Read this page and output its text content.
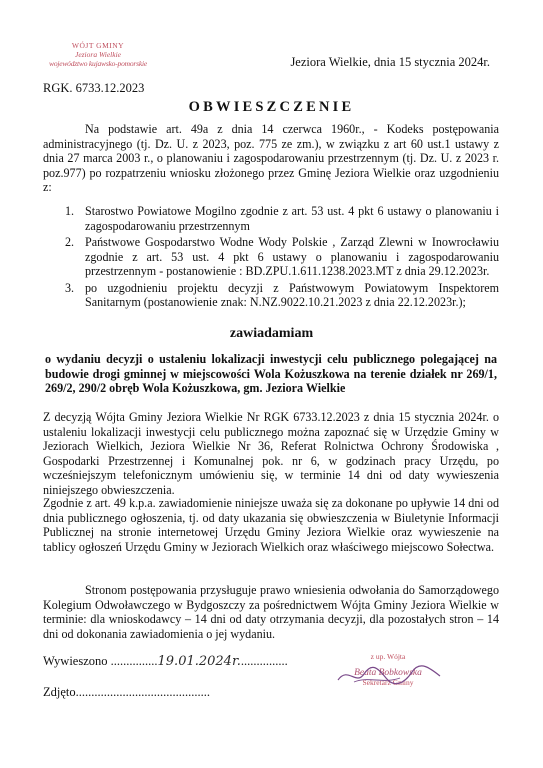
WÓJT GMINY
Jeziora Wielkie
województwo kujawsko-pomorskie	Jeziora Wielkie, dnia 15 stycznia 2024r.
RGK. 6733.12.2023
OBWIESZCZENIE
Na podstawie art. 49a z dnia 14 czerwca 1960r., - Kodeks postępowania administracyjnego (tj. Dz. U. z 2023, poz. 775 ze zm.), w związku z art 60 ust.1 ustawy z dnia 27 marca 2003 r., o planowaniu i zagospodarowaniu przestrzennym (tj. Dz. U. z 2023 r. poz.977) po rozpatrzeniu wniosku złożonego przez Gminę Jeziora Wielkie oraz uzgodnieniu z:
1. Starostwo Powiatowe Mogilno zgodnie z art. 53 ust. 4 pkt 6 ustawy o planowaniu i zagospodarowaniu przestrzennym
2. Państwowe Gospodarstwo Wodne Wody Polskie , Zarząd Zlewni w Inowrocławiu zgodnie z art. 53 ust. 4 pkt 6 ustawy o planowaniu i zagospodarowaniu przestrzennym - postanowienie : BD.ZPU.1.611.1238.2023.MT z dnia 29.12.2023r.
3. po uzgodnieniu projektu decyzji z Państwowym Powiatowym Inspektorem Sanitarnym (postanowienie znak: N.NZ.9022.10.21.2023 z dnia 22.12.2023r.);
zawiadamiam
o wydaniu decyzji o ustaleniu lokalizacji inwestycji celu publicznego polegającej na budowie drogi gminnej w miejscowości Wola Kożuszkowa na terenie działek nr 269/1, 269/2, 290/2 obręb Wola Kożuszkowa, gm. Jeziora Wielkie
Z decyzją Wójta Gminy Jeziora Wielkie Nr RGK 6733.12.2023 z dnia 15 stycznia 2024r. o ustaleniu lokalizacji inwestycji celu publicznego można zapoznać się w Urzędzie Gminy w Jeziorach Wielkich, Jeziora Wielkie Nr 36, Referat Rolnictwa Ochrony Środowiska , Gospodarki Przestrzennej i Komunalnej pok. nr 6, w godzinach pracy Urzędu, po wcześniejszym telefonicznym umówieniu się, w terminie 14 dni od daty wywieszenia niniejszego obwieszczenia.
Zgodnie z art. 49 k.p.a. zawiadomienie niniejsze uważa się za dokonane po upływie 14 dni od dnia publicznego ogłoszenia, tj. od daty ukazania się obwieszczenia w Biuletynie Informacji Publicznej na stronie internetowej Urzędu Gminy Jeziora Wielkie oraz wywieszenie na tablicy ogłoszeń Urzędu Gminy w Jeziorach Wielkich oraz właściwego miejscowo Sołectwa.
Stronom postępowania przysługuje prawo wniesienia odwołania do Samorządowego Kolegium Odwoławczego w Bydgoszczy za pośrednictwem Wójta Gminy Jeziora Wielkie w terminie: dla wnioskodawcy – 14 dni od daty otrzymania decyzji, dla pozostałych stron – 14 dni od dokonania zawiadomienia o jej wydaniu.
Wywieszono ...............19.01.2024r................
Zdjęto...........................................
z up. Wójta
Beata Bobkowska
Sekretarz Gminy
